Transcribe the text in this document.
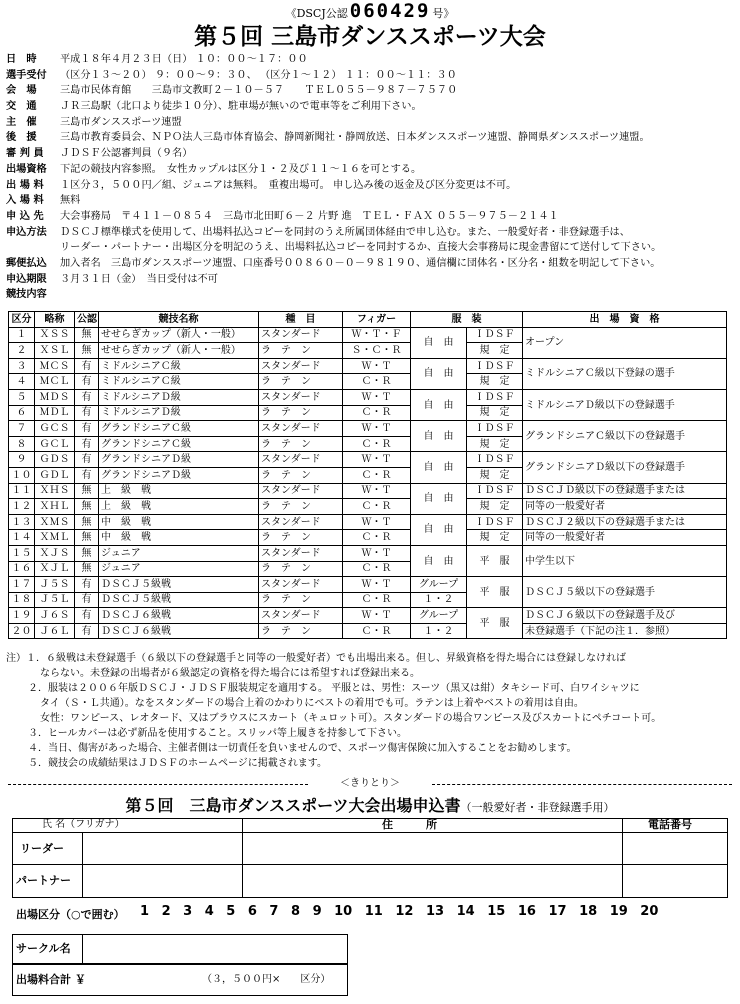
《DSCJ公認 060429 号》
第５回 三島市ダンススポーツ大会
日　時	平成１８年４月２３日（日） １０：００～１７：００
選手受付	（区分１３～２０） ９：００～９：３０、 （区分１～１２） １１：００～１１：３０
会　場	三島市民体育館　　三島市文教町２－１０－５７　　ＴＥＬ０５５－９８７－７５７０
交　通	ＪＲ三島駅（北口より徒歩１０分）、駐車場が無いので電車等をご利用下さい。
主　催	三島市ダンススポーツ連盟
後　援	三島市教育委員会、ＮＰＯ法人三島市体育協会、静岡新聞社・静岡放送、日本ダンススポーツ連盟、静岡県ダンススポーツ連盟。
審 判 員	ＪＤＳＦ公認審判員（９名）
出場資格	下記の競技内容参照。　女性カップルは区分１・２及び１１～１６を可とする。
出 場 料	１区分３，５００円／組、ジュニアは無料。　重複出場可。 申し込み後の返金及び区分変更は不可。
入 場 料	無料
申 込 先	大会事務局　〒４１１－０８５４　三島市北田町６－２ 片野 進　ＴＥＬ・ＦＡＸ ０５５－９７５－２１４１
申込方法	ＤＳＣＪ標準様式を使用して、出場料払込コピーを同封のうえ所属団体経由で申し込む。また、一般愛好者・非登録選手は、
リーダー・パートナー・出場区分を明記のうえ、出場料払込コピーを同封するか、直接大会事務局に現金書留にて送付して下さい。
郵便払込	加入者名　三島市ダンススポーツ連盟、口座番号００８６０－０－９８１９０、通信欄に団体名・区分名・組数を明記して下さい。
申込期限	３月３１日（金）　当日受付は不可
競技内容
区分	略称	公認	競技名称	種　目	フィガー	服　装		出　場　資　格
１	ＸＳＳ	無	せせらぎカップ（新人・一般）	スタンダード	Ｗ・Ｔ・Ｆ	自　由	ＩＤＳＦ	オープン
２	ＸＳＬ	無	せせらぎカップ（新人・一般）	ラ　テ　ン	Ｓ・Ｃ・Ｒ		規　定	
３	ＭＣＳ	有	ミドルシニアＣ級	スタンダード	Ｗ・Ｔ	自　由	ＩＤＳＦ	ミドルシニアＣ級以下登録の選手
４	ＭＣＬ	有	ミドルシニアＣ級	ラ　テ　ン	Ｃ・Ｒ		規　定	
５	ＭＤＳ	有	ミドルシニアＤ級	スタンダード	Ｗ・Ｔ	自　由	ＩＤＳＦ	ミドルシニアＤ級以下の登録選手
６	ＭＤＬ	有	ミドルシニアＤ級	ラ　テ　ン	Ｃ・Ｒ		規　定	
７	ＧＣＳ	有	グランドシニアＣ級	スタンダード	Ｗ・Ｔ	自　由	ＩＤＳＦ	グランドシニアＣ級以下の登録選手
８	ＧＣＬ	有	グランドシニアＣ級	ラ　テ　ン	Ｃ・Ｒ		規　定	
９	ＧＤＳ	有	グランドシニアＤ級	スタンダード	Ｗ・Ｔ	自　由	ＩＤＳＦ	グランドシニアＤ級以下の登録選手
１０	ＧＤＬ	有	グランドシニアＤ級	ラ　テ　ン	Ｃ・Ｒ		規　定	
１１	ＸＨＳ	無	上　級　戦	スタンダード	Ｗ・Ｔ	自　由	ＩＤＳＦ	ＤＳＣＪＤ級以下の登録選手または
１２	ＸＨＬ	無	上　級　戦	ラ　テ　ン	Ｃ・Ｒ		規　定	同等の一般愛好者
１３	ＸＭＳ	無	中　級　戦	スタンダード	Ｗ・Ｔ	自　由	ＩＤＳＦ	ＤＳＣＪ２級以下の登録選手または
１４	ＸＭＬ	無	中　級　戦	ラ　テ　ン	Ｃ・Ｒ		規　定	同等の一般愛好者
１５	ＸＪＳ	無	ジュニア	スタンダード	Ｗ・Ｔ	自　由	平　服	中学生以下
１６	ＸＪＬ	無	ジュニア	ラ　テ　ン	Ｃ・Ｒ			
１７	Ｊ５Ｓ	有	ＤＳＣＪ５級戦	スタンダード	Ｗ・Ｔ	グループ	平　服	ＤＳＣＪ５級以下の登録選手
１８	Ｊ５Ｌ	有	ＤＳＣＪ５級戦	ラ　テ　ン	Ｃ・Ｒ	１・２		
１９	Ｊ６Ｓ	有	ＤＳＣＪ６級戦	スタンダード	Ｗ・Ｔ	グループ	平　服	ＤＳＣＪ６級以下の登録選手及び
２０	Ｊ６Ｌ	有	ＤＳＣＪ６級戦	ラ　テ　ン	Ｃ・Ｒ	１・２		未登録選手（下記の注１．参照）
注）１．６級戦は未登録選手（６級以下の登録選手と同等の一般愛好者）でも出場出来る。但し、昇級資格を得た場合には登録しなければ
ならない。未登録の出場者が６級認定の資格を得た場合には希望すれば登録出来る。
２．服装は２００６年版ＤＳＣＪ・ＪＤＳＦ服装規定を適用する。 平服とは、男性：スーツ（黒又は紺）タキシード可、白ワイシャツに
タイ（Ｓ・Ｌ共通）。なをスタンダードの場合上着のかわりにベストの着用でも可。ラテンは上着やベストの着用は自由。
女性：ワンピース、レオタード、又はブラウスにスカート（キュロット可）。スタンダードの場合ワンピース及びスカートにペチコート可。
３．ヒールカバーは必ず新品を使用すること。スリッパ等上履きを持参して下さい。
４．当日、傷害があった場合、主催者側は一切責任を負いませんので、スポーツ傷害保険に加入することをお勧めします。
５．競技会の成績結果はＪＤＳＦのホームページに掲載されます。
＜きりとり＞
第５回　三島市ダンススポーツ大会出場申込書（一般愛好者・非登録選手用）
氏 名（フリガナ）	住　　　所	電話番号
リーダー
パートナー
出場区分（○で囲む） 1 2 3 4 5 6 7 8 9 10 11 12 13 14 15 16 17 18 19 20
サークル名
出場料合計 ￥	（３，５００円×　　区分）
